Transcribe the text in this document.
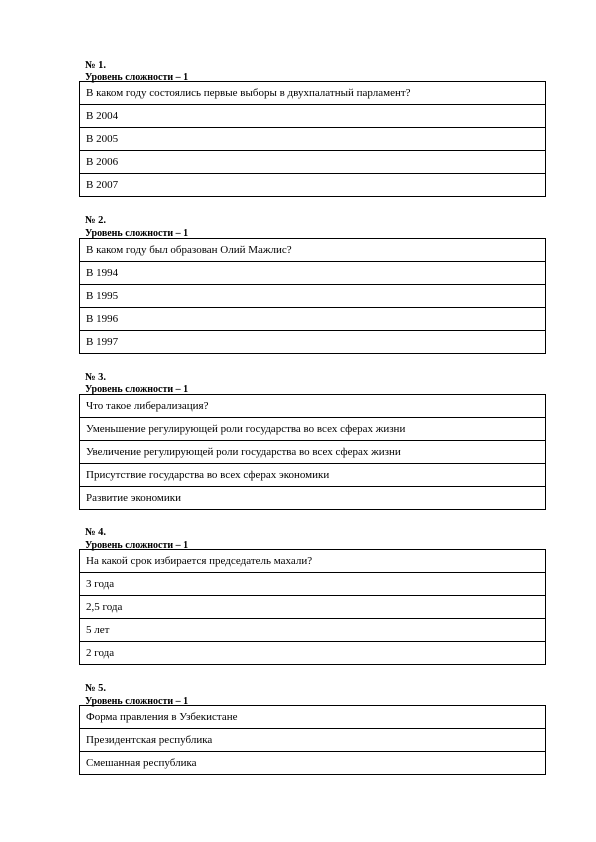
№ 1.
Уровень сложности – 1
В каком году состоялись первые выборы в двухпалатный парламент?
В 2004
В 2005
В 2006
В 2007
№ 2.
Уровень сложности – 1
В каком году был образован Олий Мажлис?
В 1994
В 1995
В 1996
В 1997
№ 3.
Уровень сложности – 1
Что такое либерализация?
Уменьшение регулирующей роли государства во всех сферах жизни
Увеличение регулирующей роли государства во всех сферах жизни
Присутствие государства во всех сферах экономики
Развитие экономики
№ 4.
Уровень сложности – 1
На какой срок избирается председатель махали?
3 года
2,5 года
5 лет
2 года
№ 5.
Уровень сложности – 1
Форма правления в Узбекистане
Президентская республика
Смешанная республика
